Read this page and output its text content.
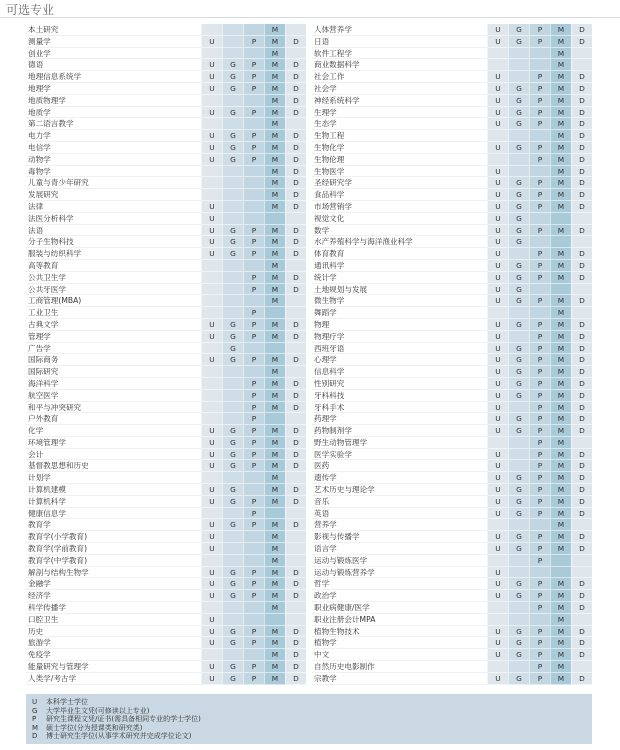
可选专业
本土研究	M
测量学	U	P	M	D
创业学	M
德语	U	G	P	M	D
地理信息系统学	U	G	P	M	D
地理学	U	G	P	M	D
地质物理学	M	D
地质学	U	G	P	M	D
第二语言教学	M
电力学	U	G	P	M	D
电信学	U	G	P	M	D
动物学	U	G	P	M	D
毒物学	M	D
儿童与青少年研究	M	D
发展研究	M	D
法律	U	M	D
法医分析科学	U
法语	U	G	P	M	D
分子生物科技	U	G	P	M	D
服装与纺织科学	U	G	P	M	D
高等教育	M
公共卫生学	P	M	D
公共牙医学	P	M	D
工商管理(MBA)	M
工业卫生	P
古典文学	U	G	P	M	D
管理学	U	G	P	M	D
广告学	G
国际商务	U	G	P	M	D
国际研究	M
海洋科学	P	M	D
航空医学	P	M	D
和平与冲突研究	P	M	D
户外教育	P
化学	U	G	P	M	D
环境管理学	U	G	P	M	D
会计	U	G	P	M	D
基督教思想和历史	U	G	P	M	D
计划学	M
计算机建模	U	G	M	D
计算机科学	U	G	P	M	D
健康信息学	P
教育学	U	G	P	M	D
教育学(小学教育)	U	M
教育学(学前教育)	U	M
教育学(中学教育)	M
解剖与结构生物学	U	G	P	M	D
金融学	U	G	P	M	D
经济学	U	G	P	M	D
科学传播学	M
口腔卫生	U
历史	U	G	P	M	D
旅游学	U	G	P	M	D
免疫学	M	D
能量研究与管理学	U	G	P	M	D
人类学/考古学	U	G	P	M	D
人体营养学	U	G	P	M	D
日语	U	G	P	M	D
软件工程学	M
商业数据科学	M
社会工作	U	P	M	D
社会学	U	G	P	M	D
神经系统科学	U	G	P	M	D
生理学	U	G	P	M	D
生态学	U	G	P	M	D
生物工程	M	D
生物化学	U	G	P	M	D
生物伦理	P	M	D
生物医学	U	M	D
圣经研究学	U	G	P	M	D
食品科学	U	G	P	M	D
市场营销学	U	G	P	M	D
视觉文化	U	G
数学	U	G	P	M	D
水产养殖科学与海洋渔业科学	U	G
体育教育	U	P	M	D
通讯科学	U	G	P	M	D
统计学	U	G	P	M	D
土地规划与发展	U	G
微生物学	U	G	P	M	D
舞蹈学	M
物理	U	G	P	M	D
物理疗学	U	P	M	D
西班牙语	U	G	P	M	D
心理学	U	G	P	M	D
信息科学	U	G	P	M	D
性别研究	U	G	P	M	D
牙科科技	U	G	P	M	D
牙科手术	U	P	M	D
药理学	U	G	P	M	D
药物制剂学	U	G	P	M	D
野生动物管理学	P	M
医学实验学	U	P	M	D
医药	U	P	M	D
遗传学	U	G	P	M	D
艺术历史与理论学	U	G	P	M	D
音乐	U	G	P	M	D
英语	U	G	P	M	D
营养学	M
影视与传播学	U	G	P	M	D
语言学	U	G	P	M	D
运动与锻炼医学	P
运动与锻炼营养学	U
哲学	U	G	P	M	D
政治学	U	G	P	M	D
职业病健康/医学	P	M	D
职业注册会计MPA	M
植物生物技术	U	G	P	M	D
植物学	U	G	P	M	D
中文	U	G	P	M	D
自然历史电影制作	P	M
宗教学	U	G	P	M	D
U	本科学士学位
G	大学毕业生文凭(可修读以上专业)
P	研究生课程文凭/证书(需具备相同专业的学士学位)
M	硕士学位(分为授课类和研究类)
D	博士研究生学位(从事学术研究并完成学位论文)
